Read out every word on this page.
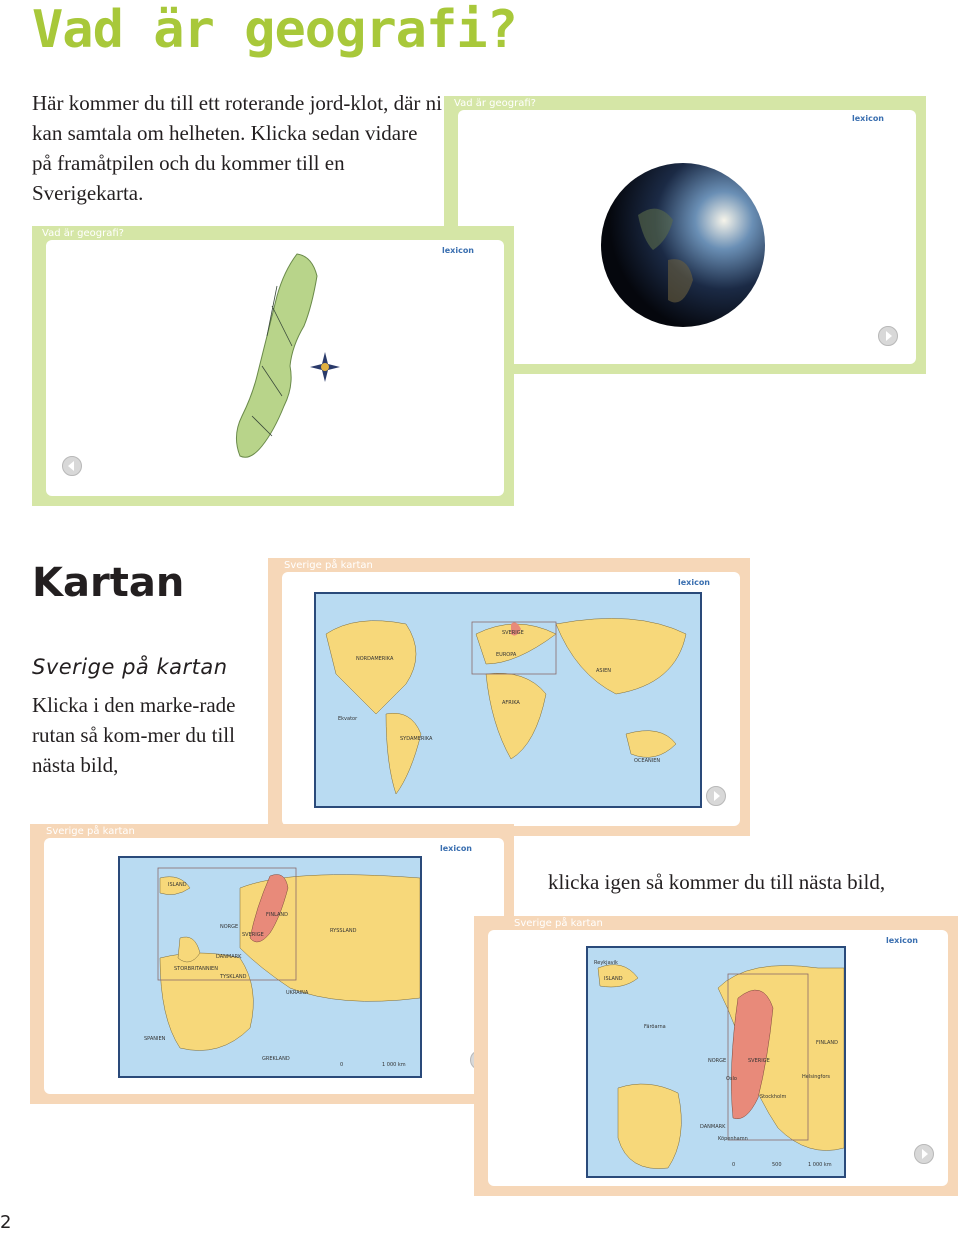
Vad är geografi?
Här kommer du till ett roterande jord-klot, där ni kan samtala om helheten. Klicka sedan vidare på framåtpilen och du kommer till en Sverigekarta.
Vad är geografi?
lexicon
Vad är geografi?
lexicon
Kartan
Sverige på kartan
Klicka i den marke-rade rutan så kom-mer du till nästa bild,
Sverige på kartan
lexicon
SVERIGE
EUROPA
NORDAMERIKA
ASIEN
AFRIKA
Ekvator
SYDAMERIKA
OCEANIEN
Sverige på kartan
lexicon
ISLAND
FINLAND
NORGE
SVERIGE
RYSSLAND
DANMARK
STORBRITANNIEN
TYSKLAND
UKRAINA
SPANIEN
GREKLAND
0	1 000 km
klicka igen så kommer du till nästa bild,
Sverige på kartan
lexicon
Reykjavik
ISLAND
Färöarna
NORGE	SVERIGE
FINLAND
Oslo
Stockholm
Helsingfors
DANMARK
Köpenhamn
0	500	1 000 km
2
